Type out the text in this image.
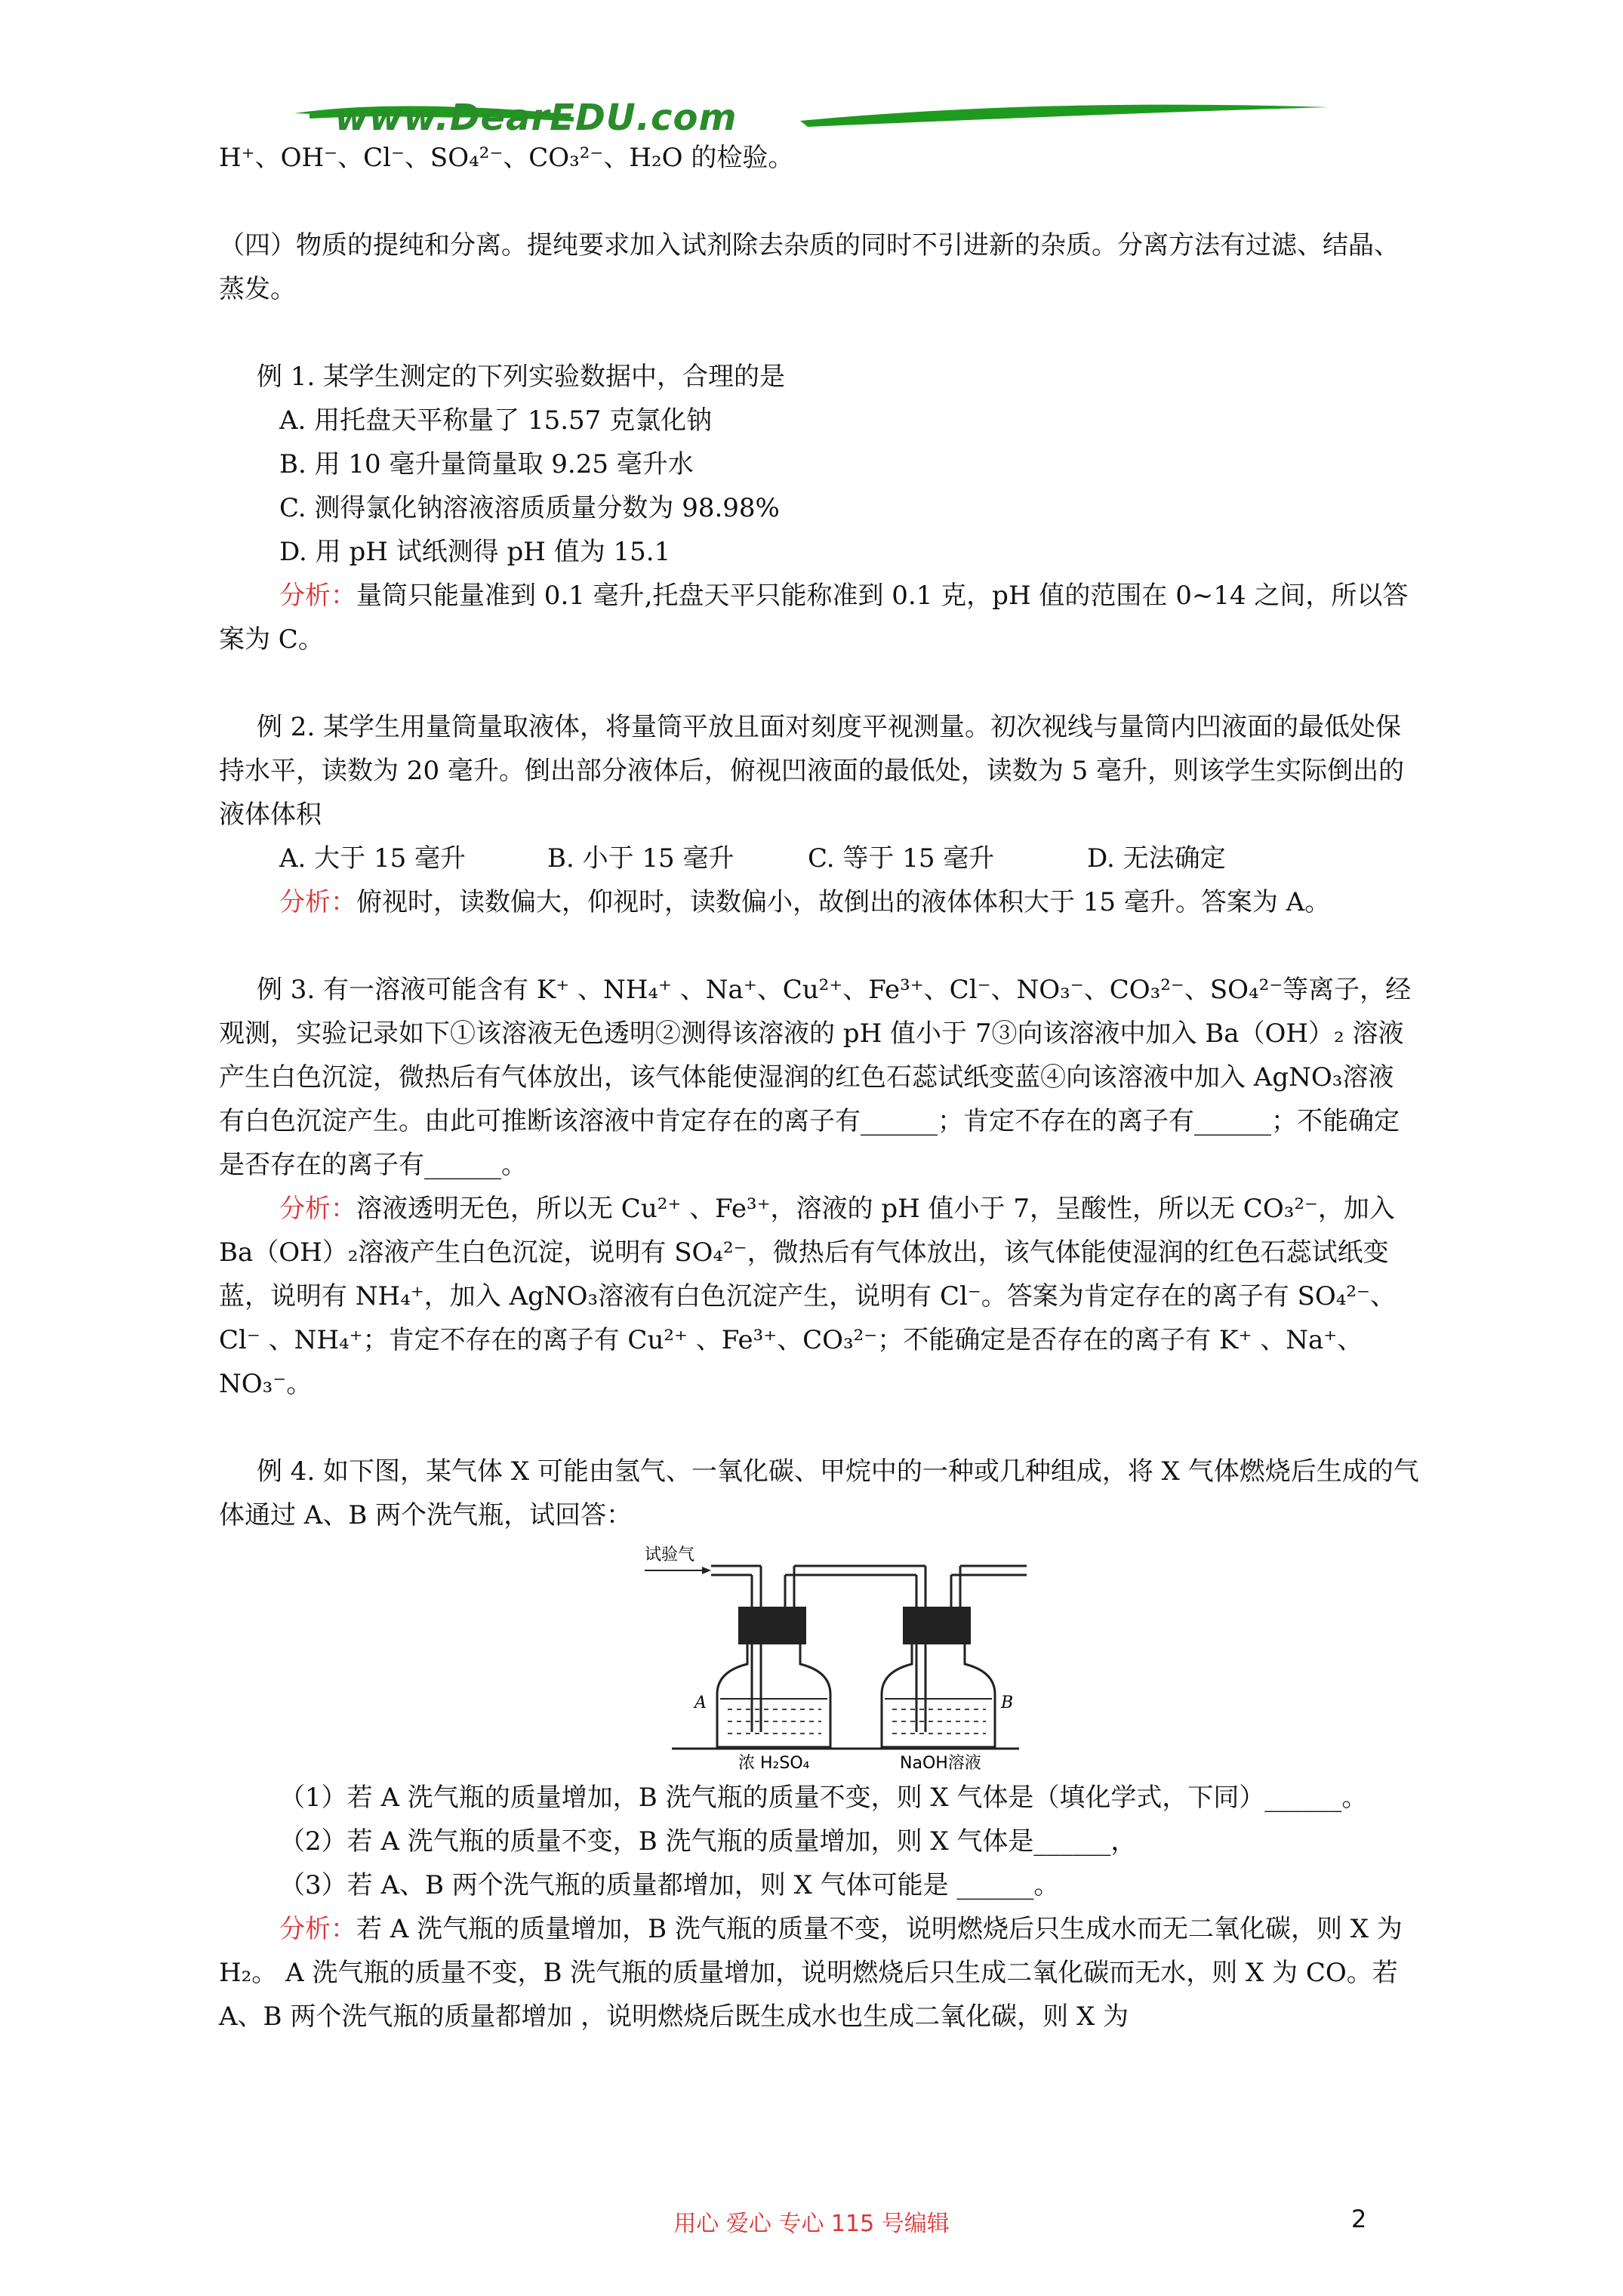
www.DearEDU.com

H⁺、OH⁻、Cl⁻、SO₄²⁻、CO₃²⁻、H₂O 的检验。

（四）物质的提纯和分离。提纯要求加入试剂除去杂质的同时不引进新的杂质。分离方法有过滤、结晶、蒸发。

例 1. 某学生测定的下列实验数据中，合理的是

A. 用托盘天平称量了 15.57 克氯化钠

B. 用 10 毫升量筒量取 9.25 毫升水

C. 测得氯化钠溶液溶质质量分数为 98.98%

D. 用 pH 试纸测得 pH 值为 15.1

分析：量筒只能量准到 0.1 毫升,托盘天平只能称准到 0.1 克，pH 值的范围在 0~14 之间，所以答案为 C。

例 2. 某学生用量筒量取液体，将量筒平放且面对刻度平视测量。初次视线与量筒内凹液面的最低处保持水平，读数为 20 毫升。倒出部分液体后，俯视凹液面的最低处，读数为 5 毫升，则该学生实际倒出的液体体积

A. 大于 15 毫升	B. 小于 15 毫升	C. 等于 15 毫升	D. 无法确定

分析：俯视时，读数偏大，仰视时，读数偏小，故倒出的液体体积大于 15 毫升。答案为 A。

例 3. 有一溶液可能含有 K⁺ 、NH₄⁺ 、Na⁺、Cu²⁺、Fe³⁺、Cl⁻、NO₃⁻、CO₃²⁻、SO₄²⁻等离子，经观测，实验记录如下①该溶液无色透明②测得该溶液的 pH 值小于 7③向该溶液中加入 Ba（OH）₂ 溶液产生白色沉淀，微热后有气体放出，该气体能使湿润的红色石蕊试纸变蓝④向该溶液中加入 AgNO₃溶液有白色沉淀产生。由此可推断该溶液中肯定存在的离子有______；肯定不存在的离子有______；不能确定是否存在的离子有______。

分析：溶液透明无色，所以无 Cu²⁺ 、Fe³⁺，溶液的 pH 值小于 7，呈酸性，所以无 CO₃²⁻，加入 Ba（OH）₂溶液产生白色沉淀，说明有 SO₄²⁻，微热后有气体放出，该气体能使湿润的红色石蕊试纸变蓝，说明有 NH₄⁺，加入 AgNO₃溶液有白色沉淀产生，说明有 Cl⁻。答案为肯定存在的离子有 SO₄²⁻、Cl⁻ 、NH₄⁺；肯定不存在的离子有 Cu²⁺ 、Fe³⁺、CO₃²⁻；不能确定是否存在的离子有 K⁺ 、Na⁺、NO₃⁻。

例 4. 如下图，某气体 X 可能由氢气、一氧化碳、甲烷中的一种或几种组成，将 X 气体燃烧后生成的气体通过 A、B 两个洗气瓶，试回答：

试验气
A	B
浓 H₂SO₄	NaOH溶液

（1）若 A 洗气瓶的质量增加，B 洗气瓶的质量不变，则 X 气体是（填化学式，下同）______。

（2）若 A 洗气瓶的质量不变，B 洗气瓶的质量增加，则 X 气体是______，

（3）若 A、B 两个洗气瓶的质量都增加，则 X 气体可能是 ______。

分析：若 A 洗气瓶的质量增加，B 洗气瓶的质量不变，说明燃烧后只生成水而无二氧化碳，则 X 为 H₂。 A 洗气瓶的质量不变，B 洗气瓶的质量增加，说明燃烧后只生成二氧化碳而无水，则 X 为 CO。若 A、B 两个洗气瓶的质量都增加 ，说明燃烧后既生成水也生成二氧化碳，则 X 为

用心 爱心 专心 115 号编辑	2
